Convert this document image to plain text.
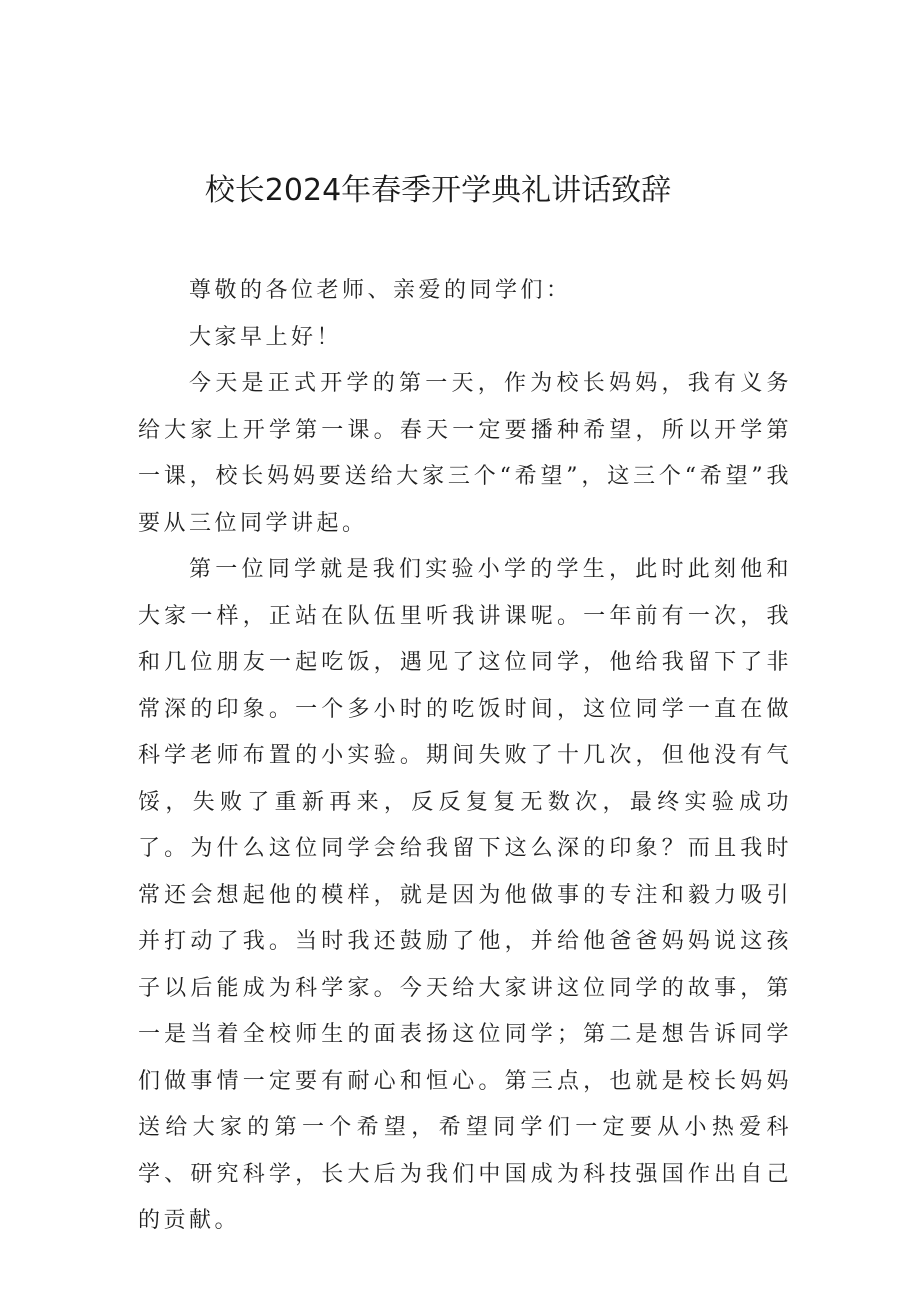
校长2024年春季开学典礼讲话致辞

尊敬的各位老师、亲爱的同学们：

大家早上好！

今天是正式开学的第一天，作为校长妈妈，我有义务给大家上开学第一课。春天一定要播种希望，所以开学第一课，校长妈妈要送给大家三个“希望”，这三个“希望”我要从三位同学讲起。

第一位同学就是我们实验小学的学生，此时此刻他和大家一样，正站在队伍里听我讲课呢。一年前有一次，我和几位朋友一起吃饭，遇见了这位同学，他给我留下了非常深的印象。一个多小时的吃饭时间，这位同学一直在做科学老师布置的小实验。期间失败了十几次，但他没有气馁，失败了重新再来，反反复复无数次，最终实验成功了。为什么这位同学会给我留下这么深的印象？而且我时常还会想起他的模样，就是因为他做事的专注和毅力吸引并打动了我。当时我还鼓励了他，并给他爸爸妈妈说这孩子以后能成为科学家。今天给大家讲这位同学的故事，第一是当着全校师生的面表扬这位同学；第二是想告诉同学们做事情一定要有耐心和恒心。第三点，也就是校长妈妈送给大家的第一个希望，希望同学们一定要从小热爱科学、研究科学，长大后为我们中国成为科技强国作出自己的贡献。
